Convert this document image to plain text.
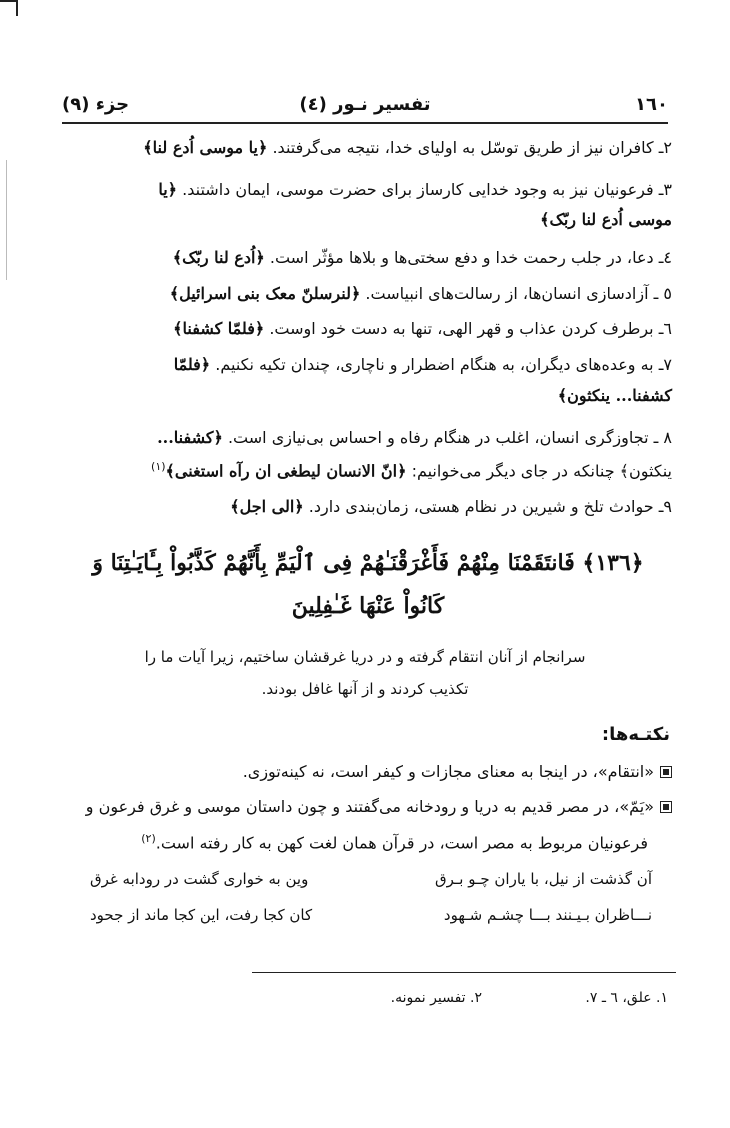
جزء (٩)	تفسیر نـور (٤)	١٦٠
٢ـ کافران نیز از طریق توسّل به اولیای خدا، نتیجه می‌گرفتند. ﴿یا موسی اُدع لنا﴾
٣ـ فرعونیان نیز به وجود خدایی کارساز برای حضرت موسی، ایمان داشتند. ﴿یا
موسی اُدع لنا ربّک﴾
٤ـ دعا، در جلب رحمت خدا و دفع سختی‌ها و بلاها مؤثّر است. ﴿اُدع لنا ربّک﴾
٥ ـ آزادسازی انسان‌ها، از رسالت‌های انبیاست. ﴿لنرسلنّ معک بنی اسرائیل﴾
٦ـ برطرف کردن عذاب و قهر الهی، تنها به دست خود اوست. ﴿فلمّا کشفنا﴾
٧ـ به وعده‌های دیگران، به هنگام اضطرار و ناچاری، چندان تکیه نکنیم. ﴿فلمّا
کشفنا... ینکثون﴾
٨ ـ تجاوزگری انسان، اغلب در هنگام رفاه و احساس بی‌نیازی است. ﴿کشفنا...
ینکثون﴾ چنانکه در جای دیگر می‌خوانیم: ﴿انّ الانسان لیطغی ان رآه استغنی﴾$^{(١)}$
٩ـ حوادث تلخ و شیرین در نظام هستی، زمان‌بندی دارد. ﴿الی اجل﴾
﴿١٣٦﴾ فَانتَقَمْنَا مِنْهُمْ فَأَغْرَقْنَـٰهُمْ فِى ٱلْيَمِّ بِأَنَّهُمْ كَذَّبُواْ بِـَٔايَـٰتِنَا وَ
كَانُواْ عَنْهَا غَـٰفِلِينَ
سرانجام از آنان انتقام گرفته و در دریا غرقشان ساختیم، زیرا آیات ما را
تکذیب کردند و از آنها غافل بودند.
نکتـه‌ها:
«انتقام»، در اینجا به معنای مجازات و کیفر است، نه کینه‌توزی.
«یَمّ»، در مصر قدیم به دریا و رودخانه می‌گفتند و چون داستان موسی و غرق فرعون و
فرعونیان مربوط به مصر است، در قرآن همان لغت کهن به کار رفته است.$^{(٢)}$
آن گذشت از نیل، با یاران چـو بـرق
وین به خواری گشت در رودابه غرق
نـــاظران بـیـنند بـــا چشـم شـهود
کان کجا رفت، این کجا ماند از جحود
١. علق، ٦ ـ ٧.
٢. تفسیر نمونه.
